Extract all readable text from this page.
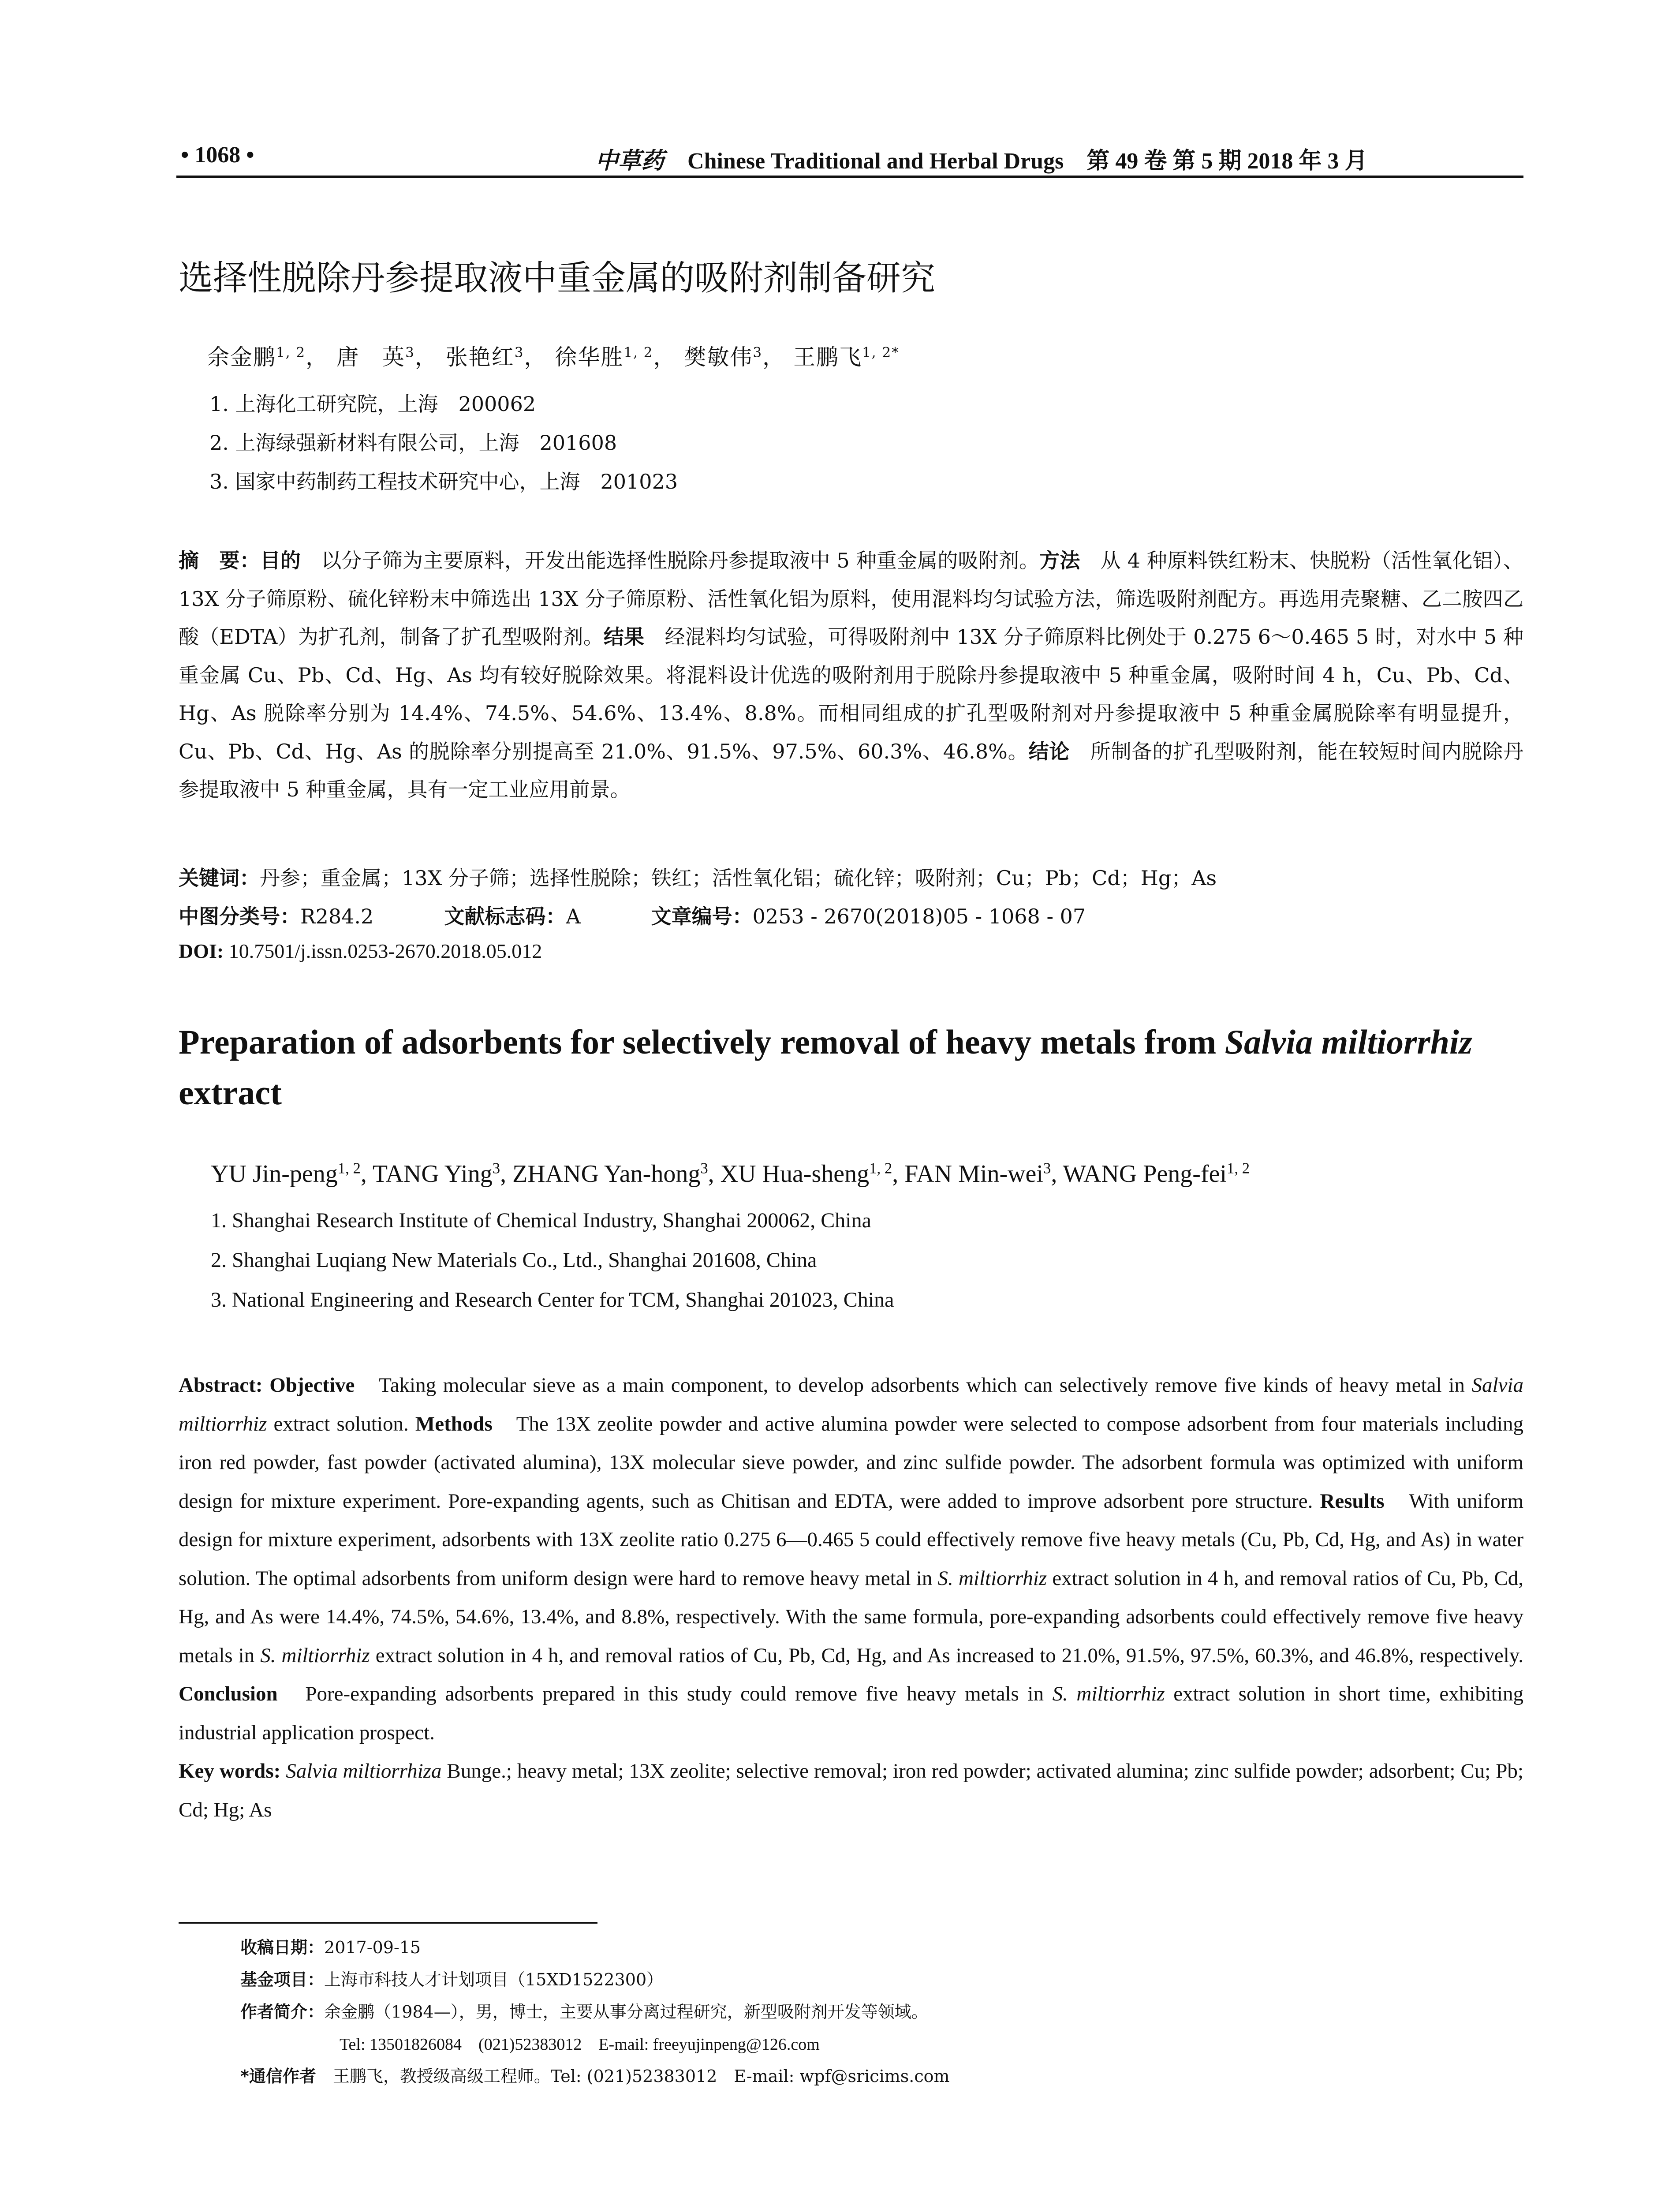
• 1068 •	中草药 Chinese Traditional and Herbal Drugs　第 49 卷 第 5 期 2018 年 3 月
选择性脱除丹参提取液中重金属的吸附剂制备研究
余金鹏$^{1, 2}$， 唐　英$^3$， 张艳红$^3$， 徐华胜$^{1, 2}$， 樊敏伟$^3$， 王鹏飞$^{1, 2*}$
1. 上海化工研究院，上海　200062
2. 上海绿强新材料有限公司，上海　201608
3. 国家中药制药工程技术研究中心，上海　201023
摘　要：目的　以分子筛为主要原料，开发出能选择性脱除丹参提取液中 5 种重金属的吸附剂。方法　从 4 种原料铁红粉末、快脱粉（活性氧化铝）、13X 分子筛原粉、硫化锌粉末中筛选出 13X 分子筛原粉、活性氧化铝为原料，使用混料均匀试验方法，筛选吸附剂配方。再选用壳聚糖、乙二胺四乙酸（EDTA）为扩孔剂，制备了扩孔型吸附剂。结果　经混料均匀试验，可得吸附剂中 13X 分子筛原料比例处于 0.275 6～0.465 5 时，对水中 5 种重金属 Cu、Pb、Cd、Hg、As 均有较好脱除效果。将混料设计优选的吸附剂用于脱除丹参提取液中 5 种重金属，吸附时间 4 h，Cu、Pb、Cd、Hg、As 脱除率分别为 14.4%、74.5%、54.6%、13.4%、8.8%。而相同组成的扩孔型吸附剂对丹参提取液中 5 种重金属脱除率有明显提升，Cu、Pb、Cd、Hg、As 的脱除率分别提高至 21.0%、91.5%、97.5%、60.3%、46.8%。结论　所制备的扩孔型吸附剂，能在较短时间内脱除丹参提取液中 5 种重金属，具有一定工业应用前景。
关键词：丹参；重金属；13X 分子筛；选择性脱除；铁红；活性氧化铝；硫化锌；吸附剂；Cu；Pb；Cd；Hg；As
中图分类号：R284.2	文献标志码：A	文章编号：0253 - 2670(2018)05 - 1068 - 07
DOI: 10.7501/j.issn.0253-2670.2018.05.012
Preparation of adsorbents for selectively removal of heavy metals from Salvia miltiorrhiz extract
YU Jin-peng$^{1, 2}$, TANG Ying$^3$, ZHANG Yan-hong$^3$, XU Hua-sheng$^{1, 2}$, FAN Min-wei$^3$, WANG Peng-fei$^{1, 2}$
1. Shanghai Research Institute of Chemical Industry, Shanghai 200062, China
2. Shanghai Luqiang New Materials Co., Ltd., Shanghai 201608, China
3. National Engineering and Research Center for TCM, Shanghai 201023, China
Abstract: Objective　Taking molecular sieve as a main component, to develop adsorbents which can selectively remove five kinds of heavy metal in Salvia miltiorrhiz extract solution. Methods　The 13X zeolite powder and active alumina powder were selected to compose adsorbent from four materials including iron red powder, fast powder (activated alumina), 13X molecular sieve powder, and zinc sulfide powder. The adsorbent formula was optimized with uniform design for mixture experiment. Pore-expanding agents, such as Chitisan and EDTA, were added to improve adsorbent pore structure. Results　With uniform design for mixture experiment, adsorbents with 13X zeolite ratio 0.275 6—0.465 5 could effectively remove five heavy metals (Cu, Pb, Cd, Hg, and As) in water solution. The optimal adsorbents from uniform design were hard to remove heavy metal in S. miltiorrhiz extract solution in 4 h, and removal ratios of Cu, Pb, Cd, Hg, and As were 14.4%, 74.5%, 54.6%, 13.4%, and 8.8%, respectively. With the same formula, pore-expanding adsorbents could effectively remove five heavy metals in S. miltiorrhiz extract solution in 4 h, and removal ratios of Cu, Pb, Cd, Hg, and As increased to 21.0%, 91.5%, 97.5%, 60.3%, and 46.8%, respectively. Conclusion　Pore-expanding adsorbents prepared in this study could remove five heavy metals in S. miltiorrhiz extract solution in short time, exhibiting industrial application prospect.
Key words: Salvia miltiorrhiza Bunge.; heavy metal; 13X zeolite; selective removal; iron red powder; activated alumina; zinc sulfide powder; adsorbent; Cu; Pb; Cd; Hg; As
收稿日期：2017-09-15
基金项目：上海市科技人才计划项目（15XD1522300）
作者简介：余金鹏（1984—），男，博士，主要从事分离过程研究，新型吸附剂开发等领域。
Tel: 13501826084　(021)52383012　E-mail: freeyujinpeng@126.com
*通信作者　王鹏飞，教授级高级工程师。Tel: (021)52383012　E-mail: wpf@sricims.com
